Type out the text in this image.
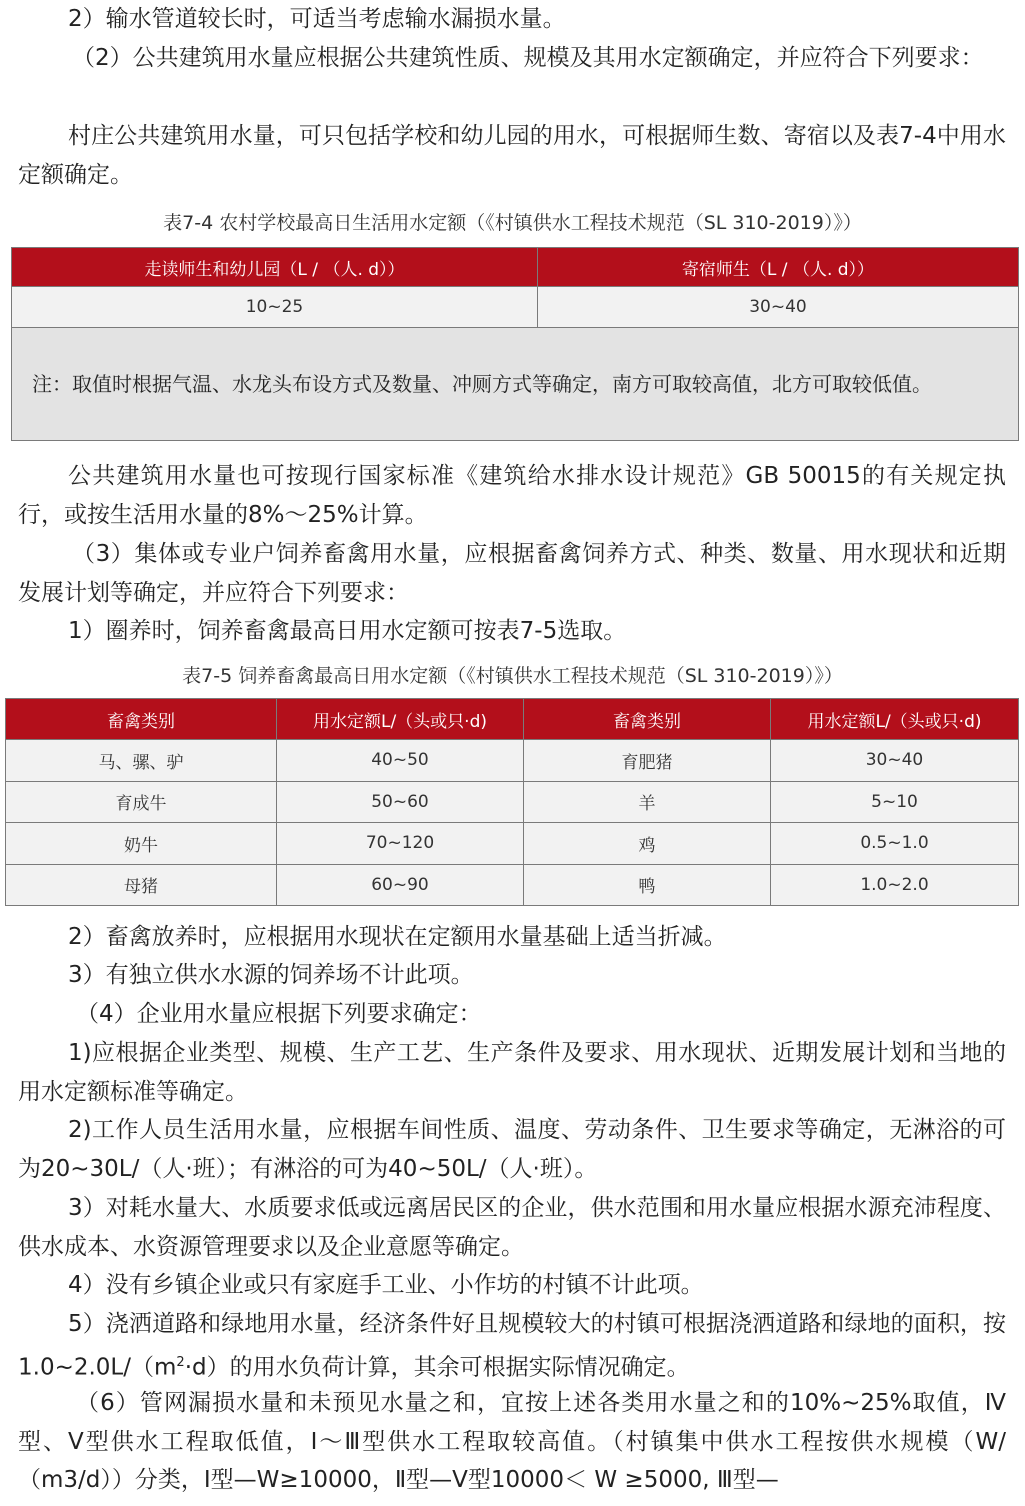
2）输水管道较长时，可适当考虑输水漏损水量。

（2）公共建筑用水量应根据公共建筑性质、规模及其用水定额确定，并应符合下列要求：

村庄公共建筑用水量，可只包括学校和幼儿园的用水，可根据师生数、寄宿以及表7-4中用水定额确定。

表7-4 农村学校最高日生活用水定额（《村镇供水工程技术规范（SL 310-2019）》）
走读师生和幼儿园（L / （人. d））	寄宿师生（L / （人. d））
10~25	30~40
注：取值时根据气温、水龙头布设方式及数量、冲厕方式等确定，南方可取较高值，北方可取较低值。	

公共建筑用水量也可按现行国家标准《建筑给水排水设计规范》GB 50015的有关规定执行，或按生活用水量的8%～25%计算。

（3）集体或专业户饲养畜禽用水量，应根据畜禽饲养方式、种类、数量、用水现状和近期发展计划等确定，并应符合下列要求：

1）圈养时，饲养畜禽最高日用水定额可按表7-5选取。

表7-5 饲养畜禽最高日用水定额（《村镇供水工程技术规范（SL 310-2019）》）
畜禽类别	用水定额L/（头或只·d)	畜禽类别	用水定额L/（头或只·d)
马、骡、驴	40~50	育肥猪	30~40
育成牛	50~60	羊	5~10
奶牛	70~120	鸡	0.5~1.0
母猪	60~90	鸭	1.0~2.0

2）畜禽放养时，应根据用水现状在定额用水量基础上适当折减。

3）有独立供水水源的饲养场不计此项。

（4）企业用水量应根据下列要求确定：

1)应根据企业类型、规模、生产工艺、生产条件及要求、用水现状、近期发展计划和当地的用水定额标准等确定。

2)工作人员生活用水量，应根据车间性质、温度、劳动条件、卫生要求等确定，无淋浴的可为20~30L/（人·班）；有淋浴的可为40~50L/（人·班）。

3）对耗水量大、水质要求低或远离居民区的企业，供水范围和用水量应根据水源充沛程度、供水成本、水资源管理要求以及企业意愿等确定。

4）没有乡镇企业或只有家庭手工业、小作坊的村镇不计此项。

5）浇洒道路和绿地用水量，经济条件好且规模较大的村镇可根据浇洒道路和绿地的面积，按$1.0\sim 2.0L/(m^2\cdot d)$的用水负荷计算，其余可根据实际情况确定。

（6）管网漏损水量和未预见水量之和，宜按上述各类用水量之和的10%~25%取值，Ⅳ型、Ⅴ型供水工程取低值，Ⅰ～Ⅲ型供水工程取较高值。（村镇集中供水工程按供水规模（W/（m3/d））分类，Ⅰ型—W≥10000，Ⅱ型—Ⅴ型10000＜ W ≥5000, Ⅲ型—
